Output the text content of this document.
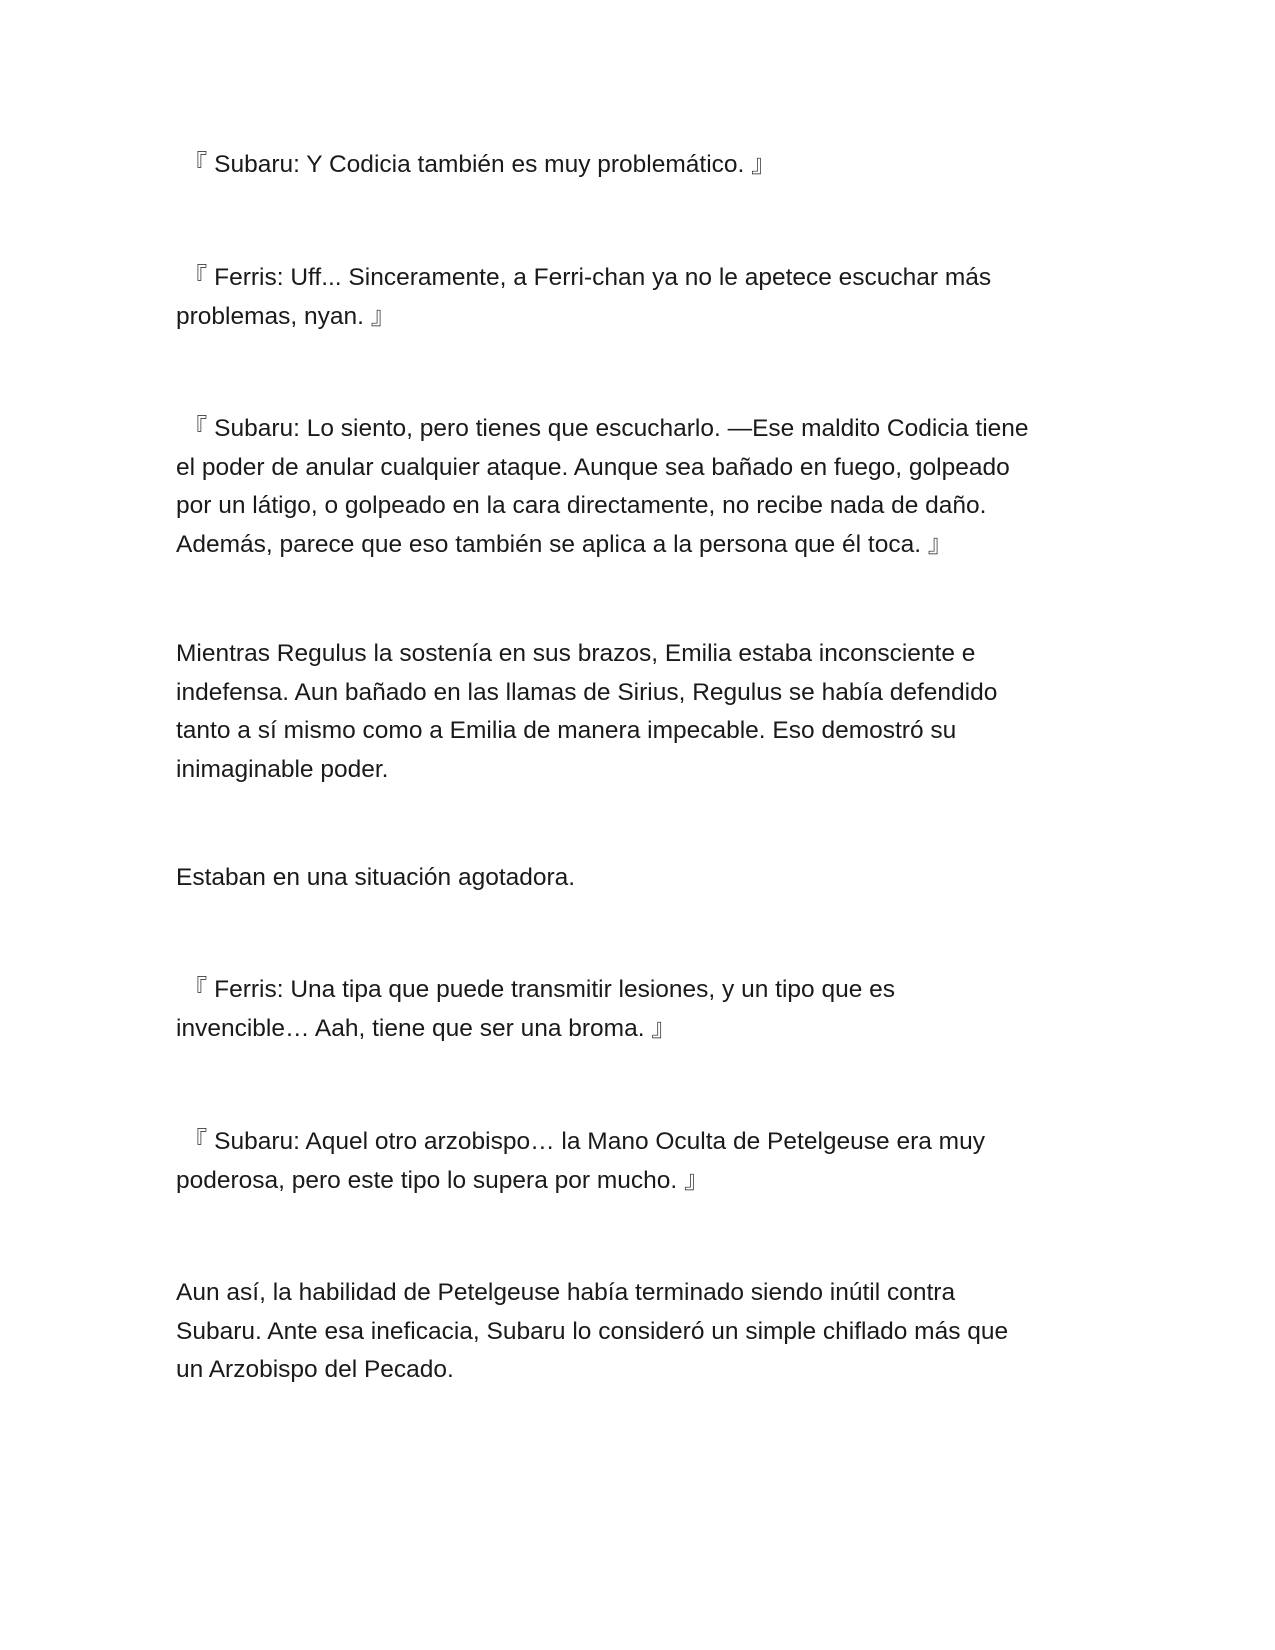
『 Subaru: Y Codicia también es muy problemático. 』

『 Ferris: Uff... Sinceramente, a Ferri-chan ya no le apetece escuchar más
problemas, nyan. 』

『 Subaru: Lo siento, pero tienes que escucharlo. —Ese maldito Codicia tiene
el poder de anular cualquier ataque. Aunque sea bañado en fuego, golpeado
por un látigo, o golpeado en la cara directamente, no recibe nada de daño.
Además, parece que eso también se aplica a la persona que él toca. 』

Mientras Regulus la sostenía en sus brazos, Emilia estaba inconsciente e
indefensa. Aun bañado en las llamas de Sirius, Regulus se había defendido
tanto a sí mismo como a Emilia de manera impecable. Eso demostró su
inimaginable poder.

Estaban en una situación agotadora.

『 Ferris: Una tipa que puede transmitir lesiones, y un tipo que es
invencible… Aah, tiene que ser una broma. 』

『 Subaru: Aquel otro arzobispo… la Mano Oculta de Petelgeuse era muy
poderosa, pero este tipo lo supera por mucho. 』

Aun así, la habilidad de Petelgeuse había terminado siendo inútil contra
Subaru. Ante esa ineficacia, Subaru lo consideró un simple chiflado más que
un Arzobispo del Pecado.
